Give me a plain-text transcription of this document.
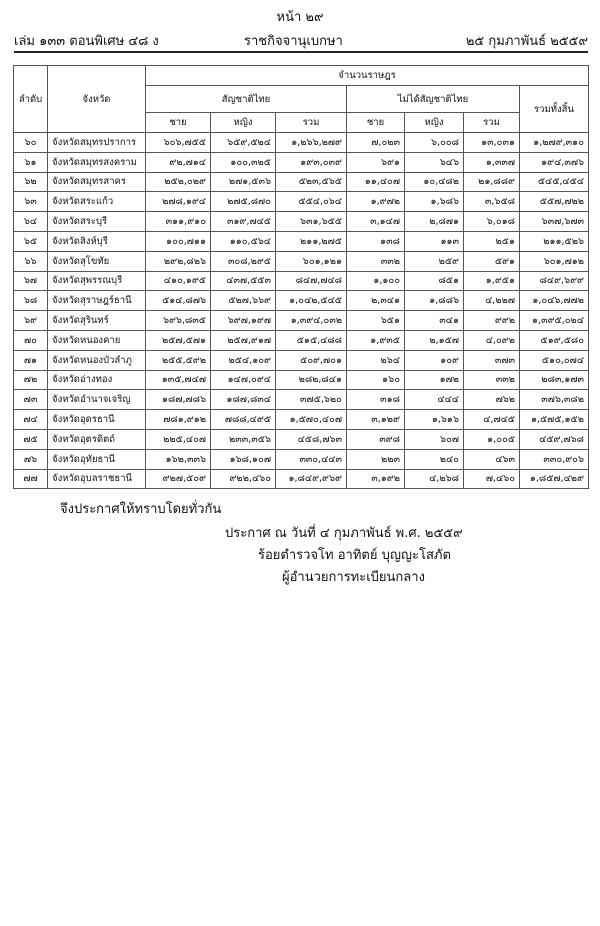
หน้า ๒๙
เล่ม ๑๓๓ ตอนพิเศษ ๔๘ ง	ราชกิจจานุเบกษา	๒๕ กุมภาพันธ์ ๒๕๕๙
ลำดับ	จังหวัด	จำนวนราษฎร						
		สัญชาติไทย			ไม่ได้สัญชาติไทย			รวมทั้งสิ้น
		ชาย	หญิง	รวม	ชาย	หญิง	รวม	
๖๐	จังหวัดสมุทรปราการ	๖๐๖,๗๕๕	๖๕๙,๕๒๔	๑,๒๖๖,๒๗๙	๗,๐๒๓	๖,๐๐๘	๑๓,๐๓๑	๑,๒๗๙,๓๑๐
๖๑	จังหวัดสมุทรสงคราม	๙๒,๗๑๔	๑๐๐,๓๒๕	๑๙๓,๐๓๙	๖๙๑	๖๔๖	๑,๓๓๗	๑๙๔,๓๗๖
๖๒	จังหวัดสมุทรสาคร	๒๕๒,๐๒๙	๒๗๑,๕๓๖	๕๒๓,๕๖๕	๑๑,๔๐๗	๑๐,๔๘๒	๒๑,๘๘๙	๕๔๕,๔๕๔
๖๓	จังหวัดสระแก้ว	๒๗๘,๑๙๔	๒๗๕,๘๗๐	๕๕๔,๐๖๔	๑,๙๗๒	๑,๖๘๖	๓,๖๕๘	๕๕๗,๗๒๒
๖๔	จังหวัดสระบุรี	๓๑๑,๙๑๐	๓๑๙,๗๔๕	๖๓๑,๖๕๕	๓,๑๔๗	๒,๘๗๑	๖,๐๑๘	๖๓๗,๖๗๓
๖๕	จังหวัดสิงห์บุรี	๑๐๐,๗๑๑	๑๑๐,๕๖๔	๒๑๑,๒๗๕	๑๓๘	๑๑๓	๒๕๑	๒๑๑,๕๒๖
๖๖	จังหวัดสุโขทัย	๒๙๒,๘๒๖	๓๐๘,๒๙๕	๖๐๑,๑๒๑	๓๓๒	๒๕๙	๕๙๑	๖๐๑,๗๑๒
๖๗	จังหวัดสุพรรณบุรี	๔๑๐,๑๙๕	๔๓๗,๕๕๓	๘๔๗,๗๔๘	๑,๑๐๐	๘๕๑	๑,๙๕๑	๘๔๙,๖๙๙
๖๘	จังหวัดสุราษฎร์ธานี	๕๑๔,๘๗๖	๕๒๗,๖๖๙	๑,๐๔๒,๕๔๕	๒,๓๔๑	๑,๘๘๖	๔,๒๒๗	๑,๐๔๖,๗๗๒
๖๙	จังหวัดสุรินทร์	๖๙๖,๘๓๕	๖๙๗,๑๙๗	๑,๓๙๔,๐๓๒	๖๕๑	๓๔๑	๙๙๒	๑,๓๙๕,๐๒๔
๗๐	จังหวัดหนองคาย	๒๕๗,๕๗๑	๒๕๗,๙๑๗	๕๑๕,๔๘๘	๑,๙๓๕	๒,๑๕๗	๔,๐๙๒	๕๑๙,๕๘๐
๗๑	จังหวัดหนองบัวลำภู	๒๕๕,๕๙๒	๒๕๔,๑๐๙	๕๐๙,๗๐๑	๒๖๔	๑๐๙	๓๗๓	๕๑๐,๐๗๔
๗๒	จังหวัดอ่างทอง	๑๓๕,๗๔๗	๑๔๗,๐๙๔	๒๘๒,๘๔๑	๑๖๐	๑๗๒	๓๓๒	๒๘๓,๑๗๓
๗๓	จังหวัดอำนาจเจริญ	๑๘๗,๗๘๖	๑๘๗,๘๓๔	๓๗๕,๖๒๐	๓๑๘	๔๔๔	๗๖๒	๓๗๖,๓๘๒
๗๔	จังหวัดอุดรธานี	๗๘๑,๙๑๒	๗๘๘,๔๙๕	๑,๕๗๐,๔๐๗	๓,๑๒๙	๑,๖๑๖	๔,๗๔๕	๑,๕๗๕,๑๕๒
๗๕	จังหวัดอุตรดิตถ์	๒๒๕,๔๐๗	๒๓๓,๓๕๖	๔๕๘,๗๖๓	๓๙๘	๖๐๗	๑,๐๐๕	๔๕๙,๗๖๘
๗๖	จังหวัดอุทัยธานี	๑๖๒,๓๓๖	๑๖๘,๑๐๗	๓๓๐,๔๔๓	๒๒๓	๒๔๐	๔๖๓	๓๓๐,๙๐๖
๗๗	จังหวัดอุบลราชธานี	๙๒๗,๕๐๙	๙๒๒,๔๖๐	๑,๘๔๙,๙๖๙	๓,๑๙๒	๔,๒๖๘	๗,๔๖๐	๑,๘๕๗,๔๒๙
จึงประกาศให้ทราบโดยทั่วกัน
ประกาศ ณ วันที่ ๔ กุมภาพันธ์ พ.ศ. ๒๕๕๙
ร้อยตำรวจโท อาทิตย์ บุญญะโสภัต
ผู้อำนวยการทะเบียนกลาง
